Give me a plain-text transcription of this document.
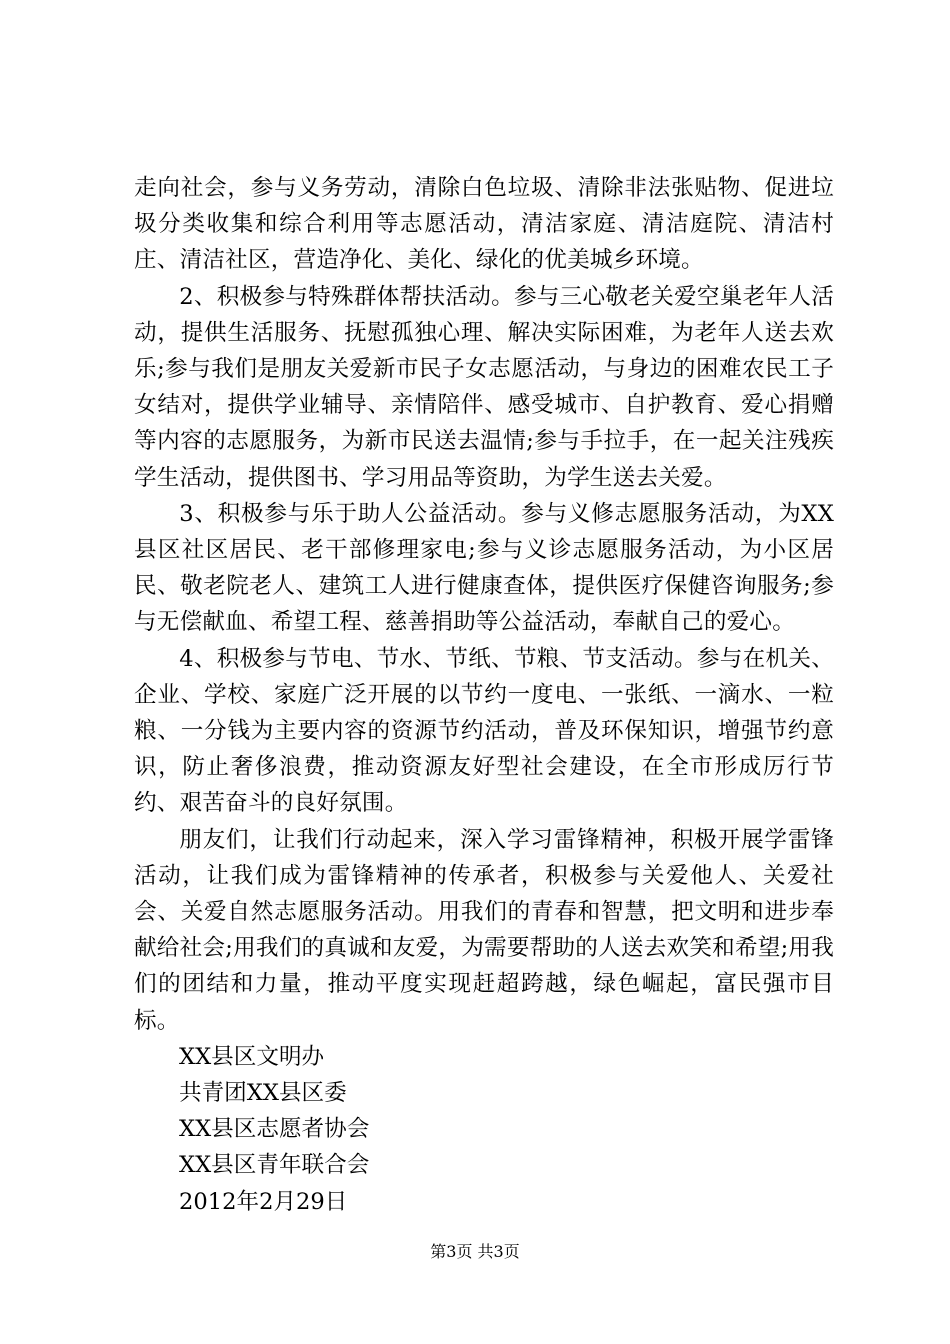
走向社会，参与义务劳动，清除白色垃圾、清除非法张贴物、促进垃圾分类收集和综合利用等志愿活动，清洁家庭、清洁庭院、清洁村庄、清洁社区，营造净化、美化、绿化的优美城乡环境。

2、积极参与特殊群体帮扶活动。参与三心敬老关爱空巢老年人活动，提供生活服务、抚慰孤独心理、解决实际困难，为老年人送去欢乐;参与我们是朋友关爱新市民子女志愿活动，与身边的困难农民工子女结对，提供学业辅导、亲情陪伴、感受城市、自护教育、爱心捐赠等内容的志愿服务，为新市民送去温情;参与手拉手，在一起关注残疾学生活动，提供图书、学习用品等资助，为学生送去关爱。

3、积极参与乐于助人公益活动。参与义修志愿服务活动，为XX县区社区居民、老干部修理家电;参与义诊志愿服务活动，为小区居民、敬老院老人、建筑工人进行健康查体，提供医疗保健咨询服务;参与无偿献血、希望工程、慈善捐助等公益活动，奉献自己的爱心。

4、积极参与节电、节水、节纸、节粮、节支活动。参与在机关、企业、学校、家庭广泛开展的以节约一度电、一张纸、一滴水、一粒粮、一分钱为主要内容的资源节约活动，普及环保知识，增强节约意识，防止奢侈浪费，推动资源友好型社会建设，在全市形成厉行节约、艰苦奋斗的良好氛围。

朋友们，让我们行动起来，深入学习雷锋精神，积极开展学雷锋活动，让我们成为雷锋精神的传承者，积极参与关爱他人、关爱社会、关爱自然志愿服务活动。用我们的青春和智慧，把文明和进步奉献给社会;用我们的真诚和友爱，为需要帮助的人送去欢笑和希望;用我们的团结和力量，推动平度实现赶超跨越，绿色崛起，富民强市目标。

XX县区文明办
共青团XX县区委
XX县区志愿者协会
XX县区青年联合会
2012年2月29日
第3页 共3页
